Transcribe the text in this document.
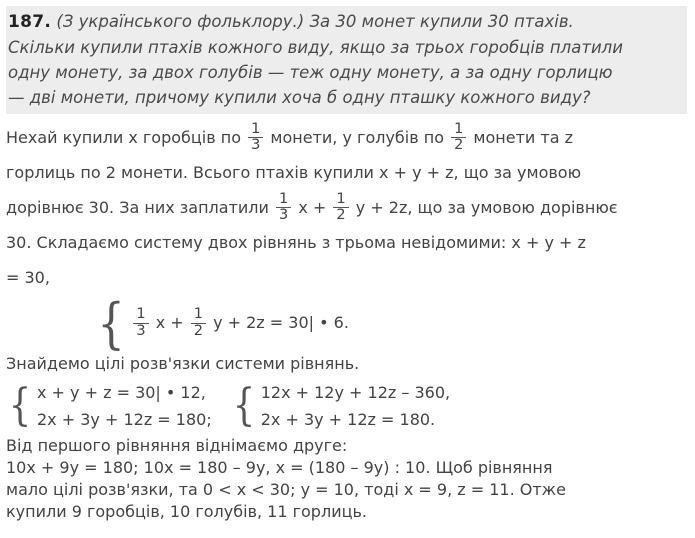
187. (З українського фольклору.) За 30 монет купили 30 птахів.
Скільки купили птахів кожного виду, якщо за трьох горобців платили
одну монету, за двох голубів — теж одну монету, а за одну горлицю
— дві монети, причому купили хоча б одну пташку кожного виду?

Нехай купили х горобців по $\frac{1}{3}$ монети, у голубів по $\frac{1}{2}$ монети та z

горлиць по 2 монети. Всього птахів купили х + у + z, що за умовою

дорівнює 30. За них заплатили $\frac{1}{3}$ $х + \frac{1}{2}$ у + 2z, що за умовою дорівнює

30. Складаємо систему двох рівнянь з трьома невідомими: х + у + z

= 30,

{ $\frac{1}{3}$ $х + \frac{1}{2}$ у + 2z = 30| • 6.

Знайдемо цілі розв'язки системи рівнянь.

{ х + у + z = 30| • 12,
2х + 3у + 12z = 180; { 12х + 12у + 12z – 360,
2х + 3у + 12z = 180.

Від першого рівняння віднімаємо друге:

10х + 9у = 180; 10х = 180 – 9у, х = (180 – 9у) : 10. Щоб рівняння

мало цілі розв'язки, та 0 < х < 30; у = 10, тоді х = 9, z = 11. Отже

купили 9 горобців, 10 голубів, 11 горлиць.
